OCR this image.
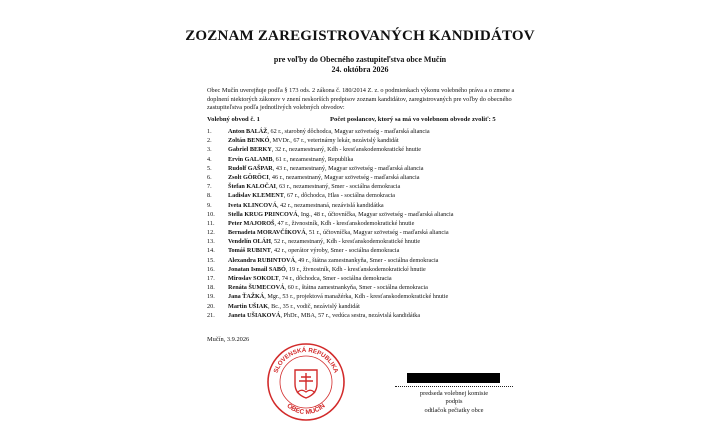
ZOZNAM ZAREGISTROVANÝCH KANDIDÁTOV
pre voľby do Obecného zastupiteľstva obce Mučín
24. októbra 2026
Obec Mučín uverejňuje podľa § 173 ods. 2 zákona č. 180/2014 Z. z. o podmienkach výkonu volebného práva a o zmene a doplnení niektorých zákonov v znení neskorších predpisov zoznam kandidátov, zaregistrovaných pre voľby do obecného zastupiteľstva podľa jednotlivých volebných obvodov:
Volebný obvod č. 1	Počet poslancov, ktorý sa má vo volebnom obvode zvoliť: 5
1.	Anton BALÁŽ, 62 r., starobný dôchodca, Magyar szövetség - maďarská aliancia
2.	Zoltán BENKÓ, MVDr., 67 r., veterinárny lekár, nezávislý kandidát
3.	Gabriel BERKY, 32 r., nezamestnaný, Kdh - kresťanskodemokratické hnutie
4.	Ervin GALAMB, 61 r., nezamestnaný, Republika
5.	Rudolf GAŠPAR, 43 r., nezamestnaný, Magyar szövetség - maďarská aliancia
6.	Zsolt GÖRÖCI, 46 r., nezamestnaný, Magyar szövetség - maďarská aliancia
7.	Štefan KALOČAI, 63 r., nezamestnaný, Smer - sociálna demokracia
8.	Ladislav KLEMENT, 67 r., dôchodca, Hlas - sociálna demokracia
9.	Iveta KLINCOVÁ, 42 r., nezamestnaná, nezávislá kandidátka
10.	Stella KRUG PRINCOVÁ, Ing., 48 r., účtovníčka, Magyar szövetség - maďarská aliancia
11.	Peter MAJOROŠ, 47 r., živnostník, Kdh - kresťanskodemokratické hnutie
12.	Bernadeta MORAVČÍKOVÁ, 51 r., účtovníčka, Magyar szövetség - maďarská aliancia
13.	Vendelín OLÁH, 52 r., nezamestnaný, Kdh - kresťanskodemokratické hnutie
14.	Tomáš RUBINT, 42 r., operátor výroby, Smer - sociálna demokracia
15.	Alexandra RUBINTOVÁ, 49 r., štátna zamestnankyňa, Smer - sociálna demokracia
16.	Jonatan Ismail SABÓ, 19 r., živnostník, Kdh - kresťanskodemokratické hnutie
17.	Miroslav SOKOLT, 74 r., dôchodca, Smer - sociálna demokracia
18.	Renáta ŠUMECOVÁ, 60 r., štátna zamestnankyňa, Smer - sociálna demokracia
19.	Jana ŤAŽKÁ, Mgr., 53 r., projektová manažérka, Kdh - kresťanskodemokratické hnutie
20.	Martin UŠIAK, Bc., 35 r., vodič, nezávislý kandidát
21.	Janeta UŠIAKOVÁ, PhDr., MBA, 57 r., vedúca sestra, nezávislá kandidátka
Mučín, 3.9.2026
SLOVENSKÁ REPUBLIKA
OBEC MUČÍN
predseda volebnej komisie
podpis
odtlačok pečiatky obce
